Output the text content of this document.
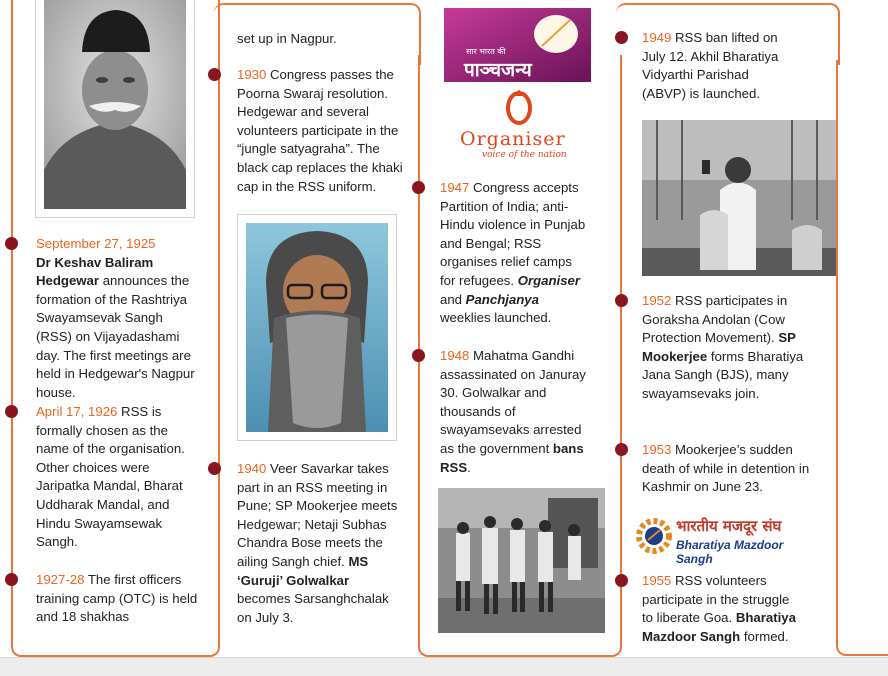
September 27, 1925
Dr Keshav Baliram Hedgewar announces the formation of the Rashtriya Swayamsevak Sangh (RSS) on Vijayadashami day. The first meetings are held in Hedgewar's Nagpur house.
April 17, 1926 RSS is formally chosen as the name of the organisation. Other choices were Jaripatka Mandal, Bharat Uddharak Mandal, and Hindu Swayamsewak Sangh.
1927-28 The first officers training camp (OTC) is held and 18 shakhas
set up in Nagpur.
1930 Congress passes the Poorna Swaraj resolution. Hedgewar and several volunteers participate in the “jungle satyagraha”. The black cap replaces the khaki cap in the RSS uniform.
1940 Veer Savarkar takes part in an RSS meeting in Pune; SP Mookerjee meets Hedgewar; Netaji Subhas Chandra Bose meets the ailing Sangh chief. MS ‘Guruji’ Golwalkar becomes Sarsanghchalak on July 3.
सार भारत की
पाञ्चजन्य
Organiser
voice of the nation
1947 Congress accepts Partition of India; anti-Hindu violence in Punjab and Bengal; RSS organises relief camps for refugees. Organiser and Panchjanya weeklies launched.
1948 Mahatma Gandhi assassinated on Januray 30. Golwalkar and thousands of swayamsevaks arrested as the government bans RSS.
1949 RSS ban lifted on July 12. Akhil Bharatiya Vidyarthi Parishad (ABVP) is launched.
1952 RSS participates in Goraksha Andolan (Cow Protection Movement). SP Mookerjee forms Bharatiya Jana Sangh (BJS), many swayamsevaks join.
1953 Mookerjee’s sudden death of while in detention in Kashmir on June 23.
भारतीय मजदूर संघ
Bharatiya Mazdoor Sangh
1955 RSS volunteers participate in the struggle to liberate Goa. Bharatiya Mazdoor Sangh formed.
